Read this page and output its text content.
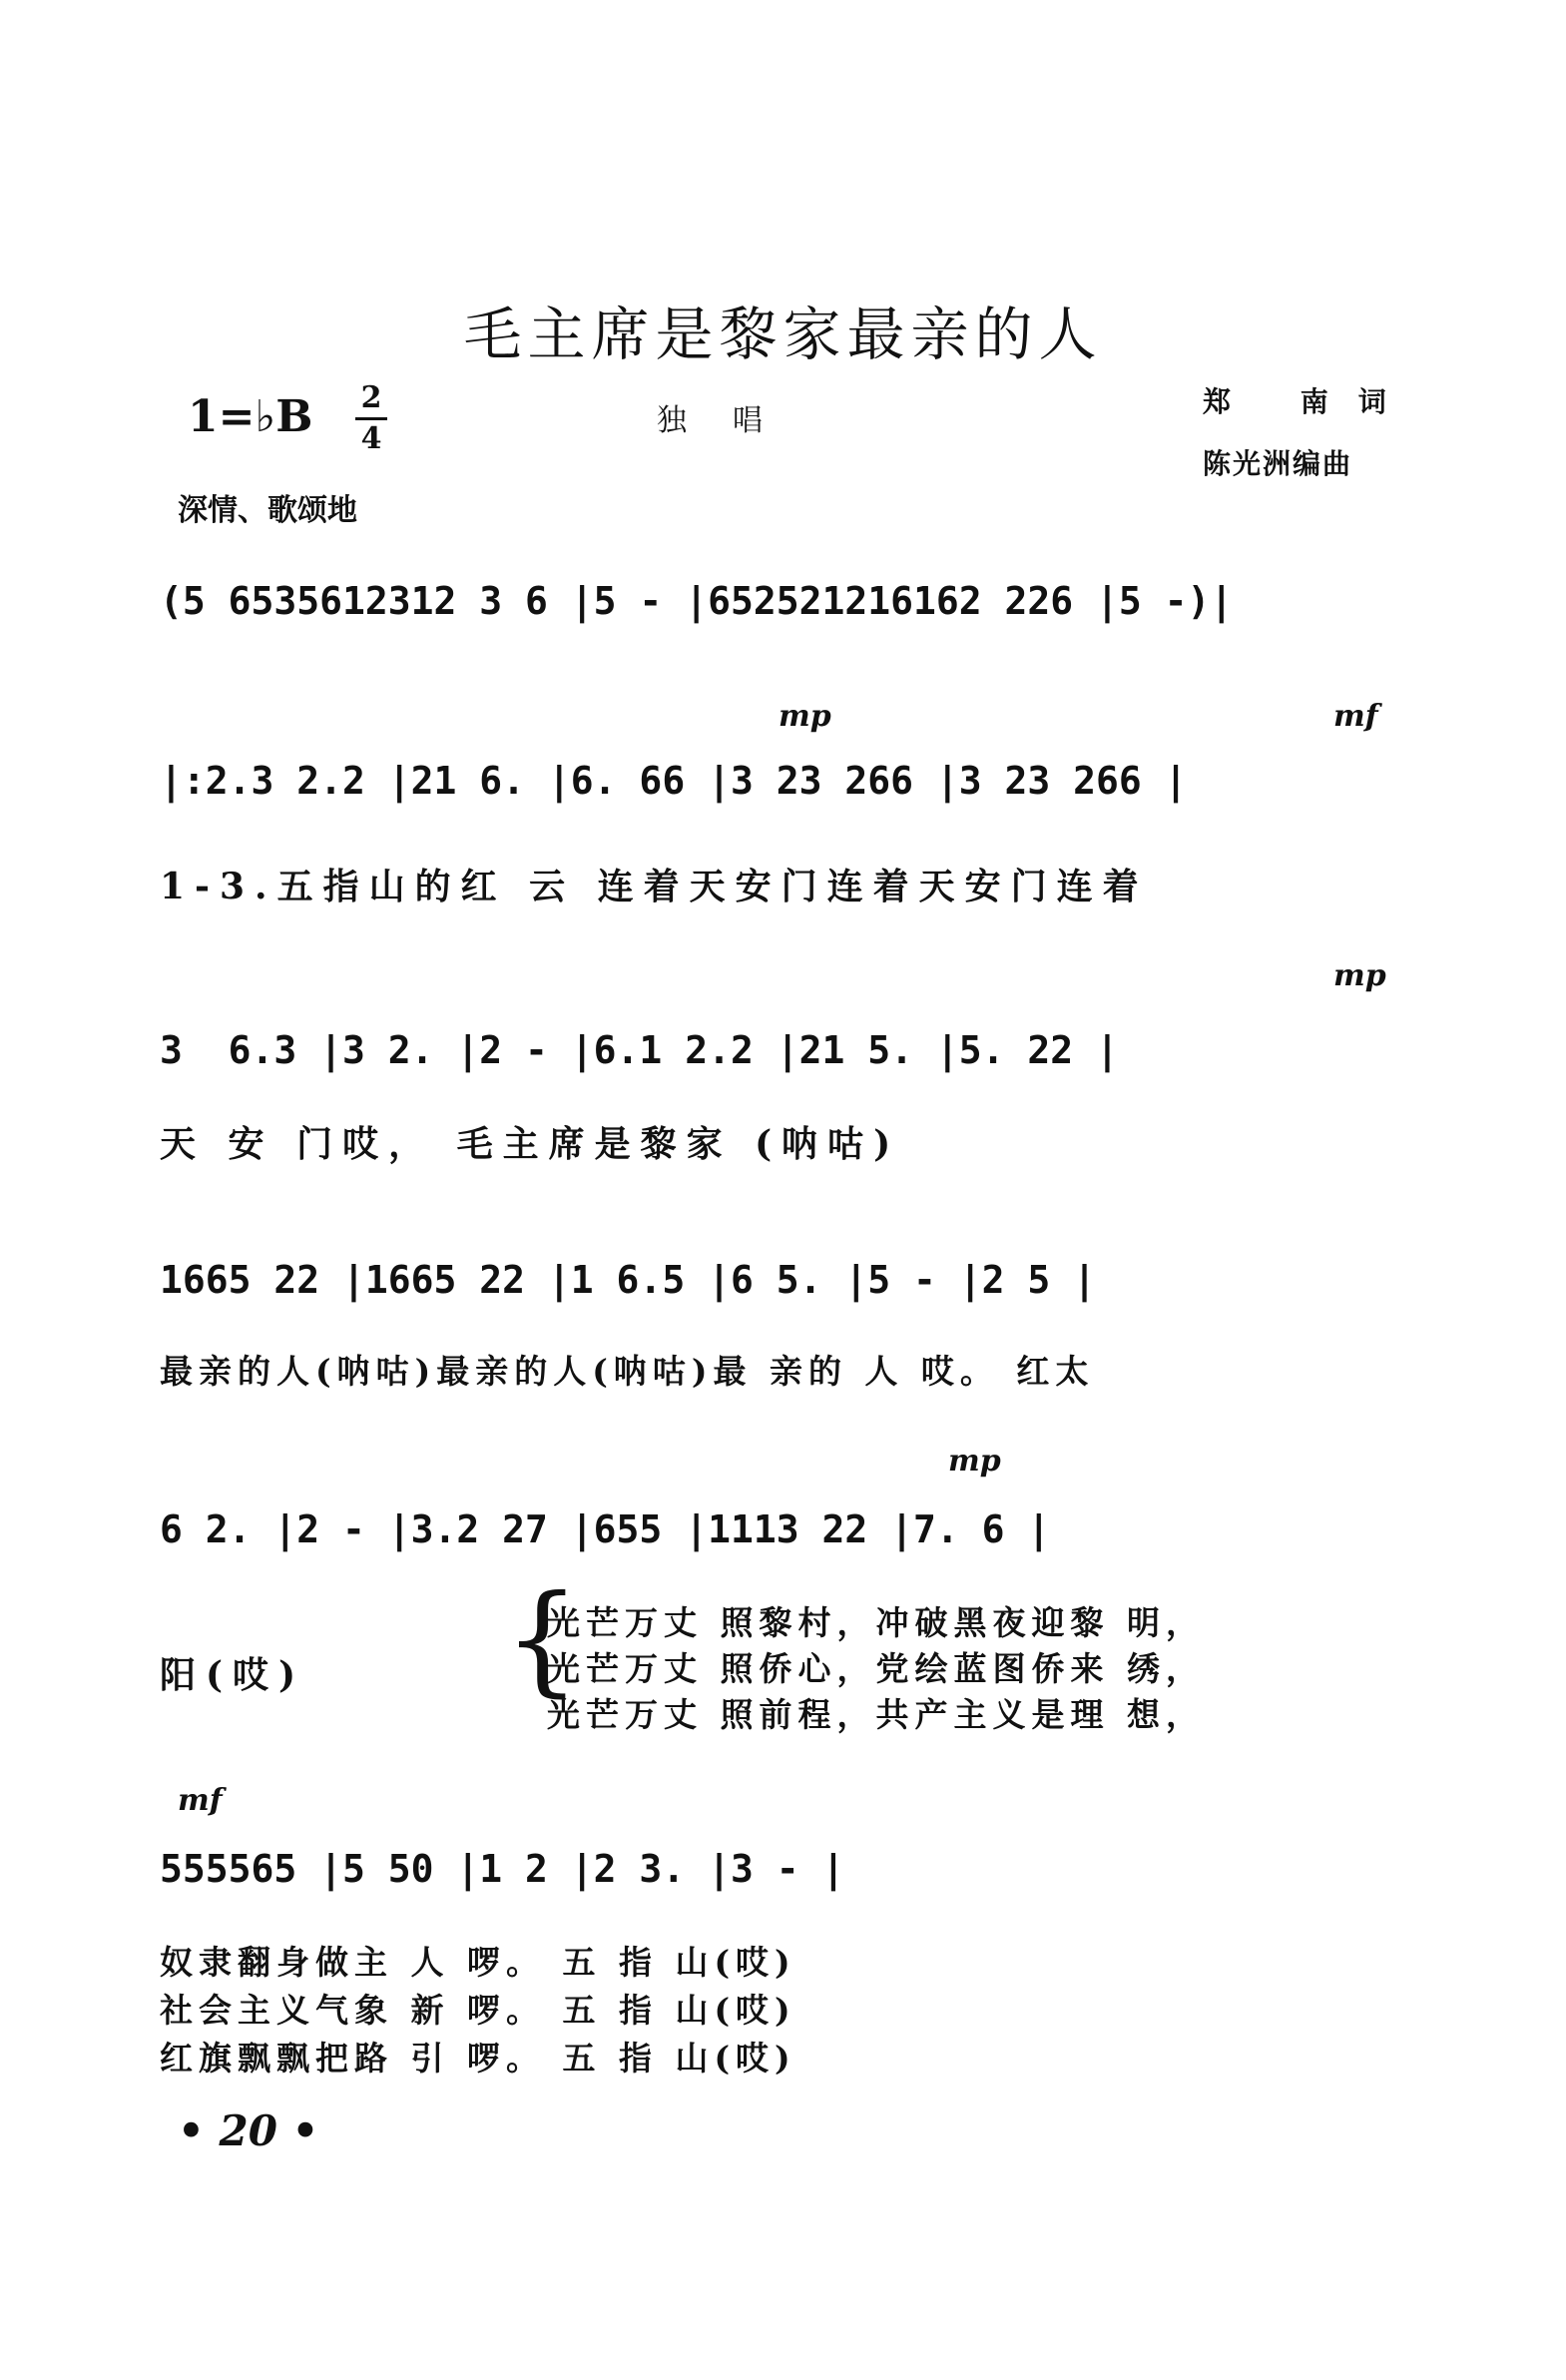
毛主席是黎家最亲的人
1=♭B	2
4
独唱
郑 南词
陈光洲编曲
深情、歌颂地
(5 6535612312 3 6 |5 - |652521216162 226 |5 -)|
mp	mf
|:2.3 2.2 |21 6. |6. 66 |3 23 266 |3 23 266 |
1-3.五指山的红 云 连着天安门连着天安门连着
mp
3  6.3 |3 2. |2 - |6.1 2.2 |21 5. |5. 22 |
天 安 门哎， 毛主席是黎家 (呐咕)
1665 22 |1665 22 |1 6.5 |6 5. |5 - |2 5 |
最亲的人(呐咕)最亲的人(呐咕)最 亲的 人 哎。 红太
mp
6 2. |2 - |3.2 27 |655 |1113 22 |7. 6 |
阳(哎) {
光芒万丈 照黎村，冲破黑夜迎黎 明，
光芒万丈 照侨心，党绘蓝图侨来 绣，
光芒万丈 照前程，共产主义是理 想，
mf
555565 |5 50 |1 2 |2 3. |3 - |
奴隶翻身做主 人 啰。 五 指 山(哎)
社会主义气象 新 啰。 五 指 山(哎)
红旗飘飘把路 引 啰。 五 指 山(哎)
• 20 •
